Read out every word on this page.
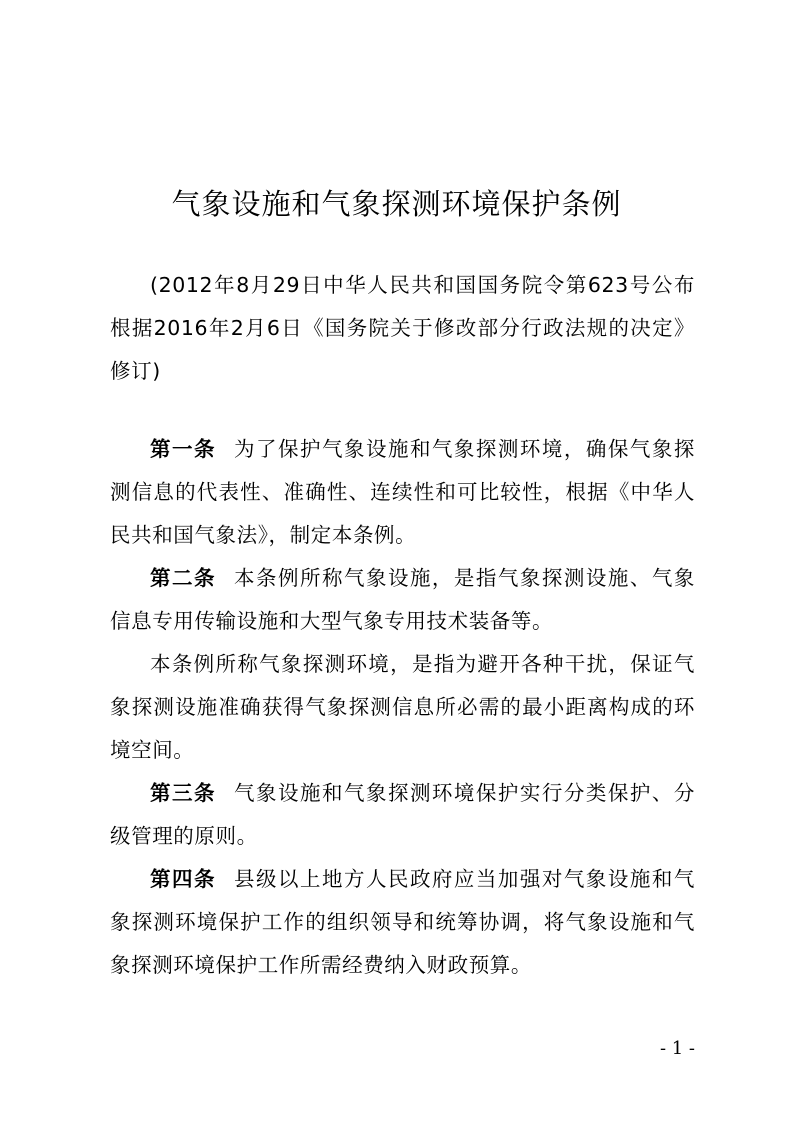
气象设施和气象探测环境保护条例

(2012年8月29日中华人民共和国国务院令第623号公布 根据2016年2月6日《国务院关于修改部分行政法规的决定》修订)

第一条 为了保护气象设施和气象探测环境，确保气象探测信息的代表性、准确性、连续性和可比较性，根据《中华人民共和国气象法》，制定本条例。

第二条 本条例所称气象设施，是指气象探测设施、气象信息专用传输设施和大型气象专用技术装备等。

本条例所称气象探测环境，是指为避开各种干扰，保证气象探测设施准确获得气象探测信息所必需的最小距离构成的环境空间。

第三条 气象设施和气象探测环境保护实行分类保护、分级管理的原则。

第四条 县级以上地方人民政府应当加强对气象设施和气象探测环境保护工作的组织领导和统筹协调，将气象设施和气象探测环境保护工作所需经费纳入财政预算。

- 1 -
